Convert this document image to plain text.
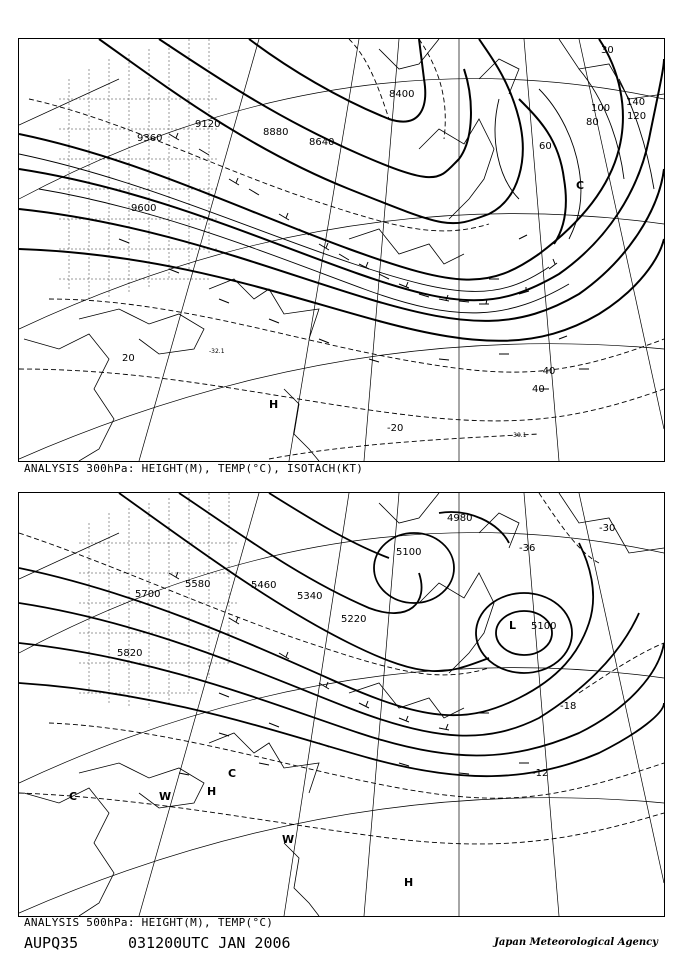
9120
8880
8640
8400
9360
9600
20
40
60
80
100
120
140
30
-20
-40
-30.1
-32.1
H
C
ANALYSIS 300hPa: HEIGHT(M), TEMP(°C), ISOTACH(KT)
5100
5340
5460
5580
5700
5820
5220
5100
4980
-18
-12
-36
-30
C	H
C
W
L
H
W
ANALYSIS 500hPa: HEIGHT(M), TEMP(°C)
AUPQ35	031200UTC JAN 2006	Japan Meteorological Agency
